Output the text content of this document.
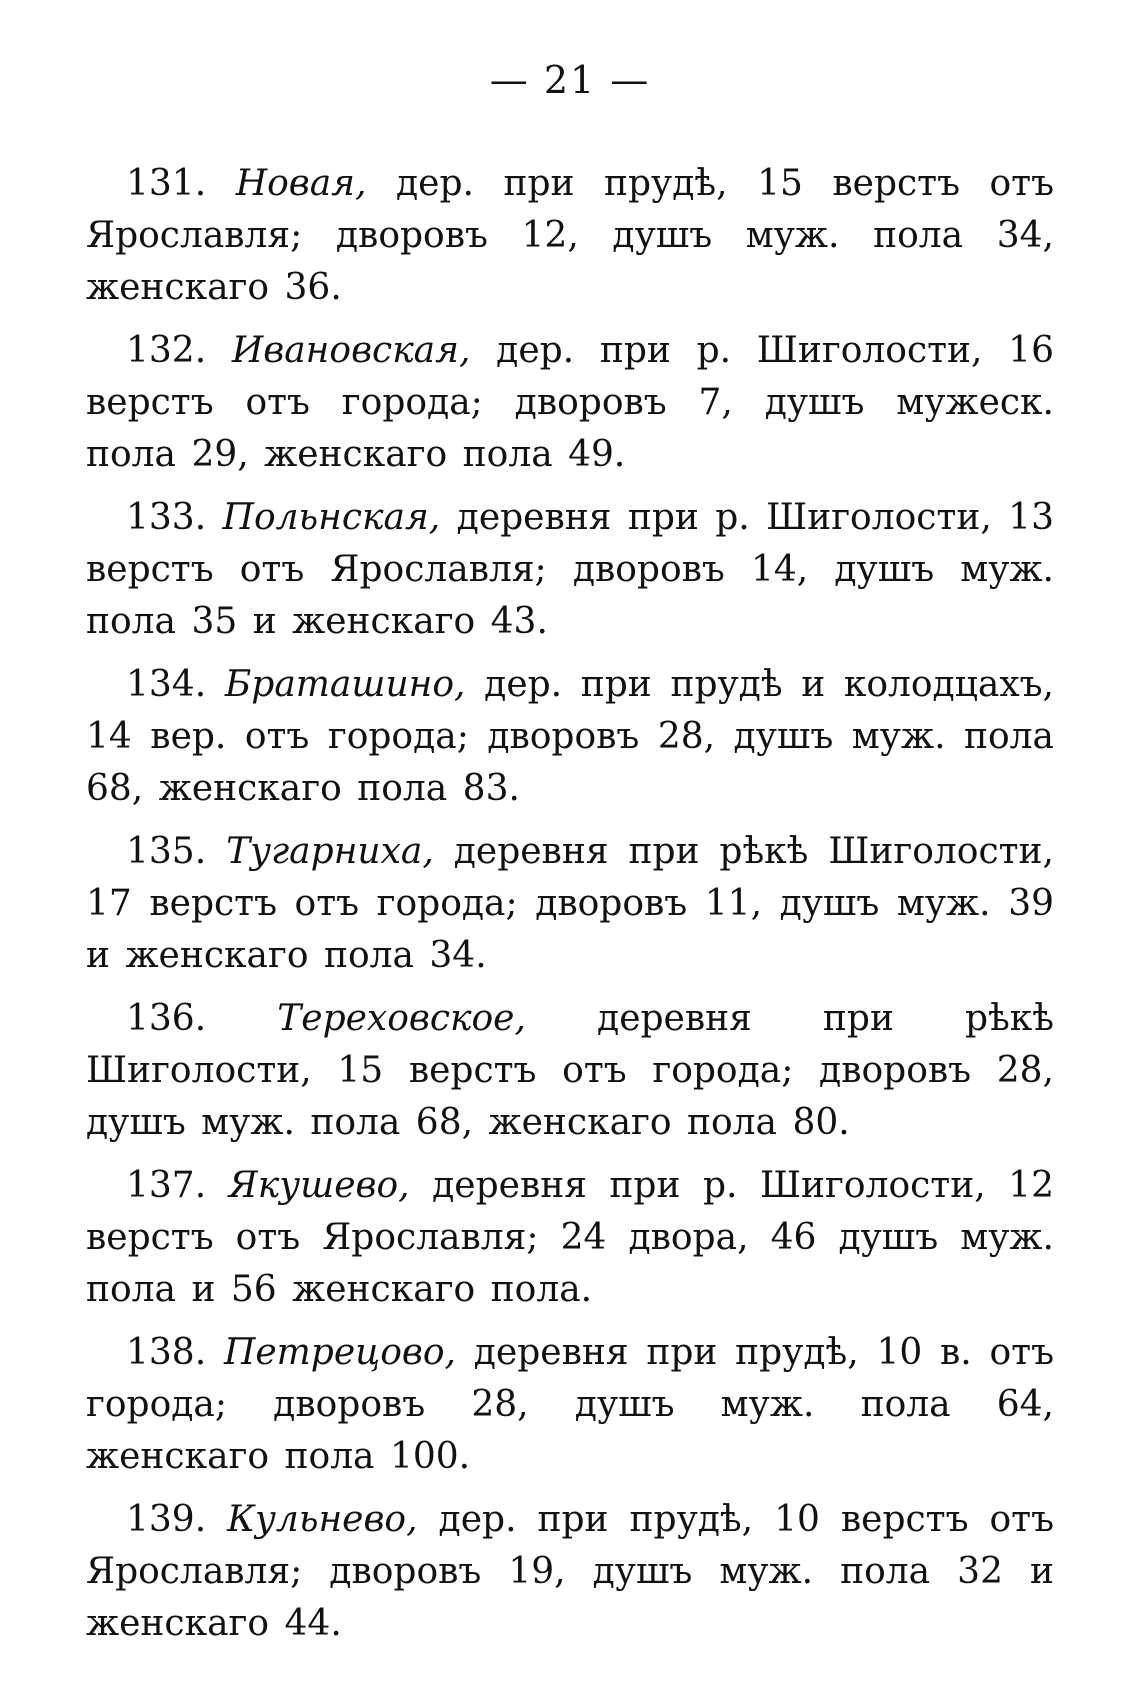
— 21 —

131. Новая, дер. при прудѣ, 15 верстъ отъ Ярославля; дворовъ 12, душъ муж. пола 34, женскаго 36.

132. Ивановская, дер. при р. Шиголости, 16 верстъ отъ города; дворовъ 7, душъ мужеск. пола 29, женскаго пола 49.

133. Польнская, деревня при р. Шиголости, 13 верстъ отъ Ярославля; дворовъ 14, душъ муж. пола 35 и женскаго 43.

134. Браташино, дер. при прудѣ и колодцахъ, 14 вер. отъ города; дворовъ 28, душъ муж. пола 68, женскаго пола 83.

135. Тугарниха, деревня при рѣкѣ Шиголости, 17 верстъ отъ города; дворовъ 11, душъ муж. 39 и женскаго пола 34.

136. Тереховское, деревня при рѣкѣ Шиголости, 15 верстъ отъ города; дворовъ 28, душъ муж. пола 68, женскаго пола 80.

137. Якушево, деревня при р. Шиголости, 12 верстъ отъ Ярославля; 24 двора, 46 душъ муж. пола и 56 женскаго пола.

138. Петрецово, деревня при прудѣ, 10 в. отъ города; дворовъ 28, душъ муж. пола 64, женскаго пола 100.

139. Кульнево, дер. при прудѣ, 10 верстъ отъ Ярославля; дворовъ 19, душъ муж. пола 32 и женскаго 44.
